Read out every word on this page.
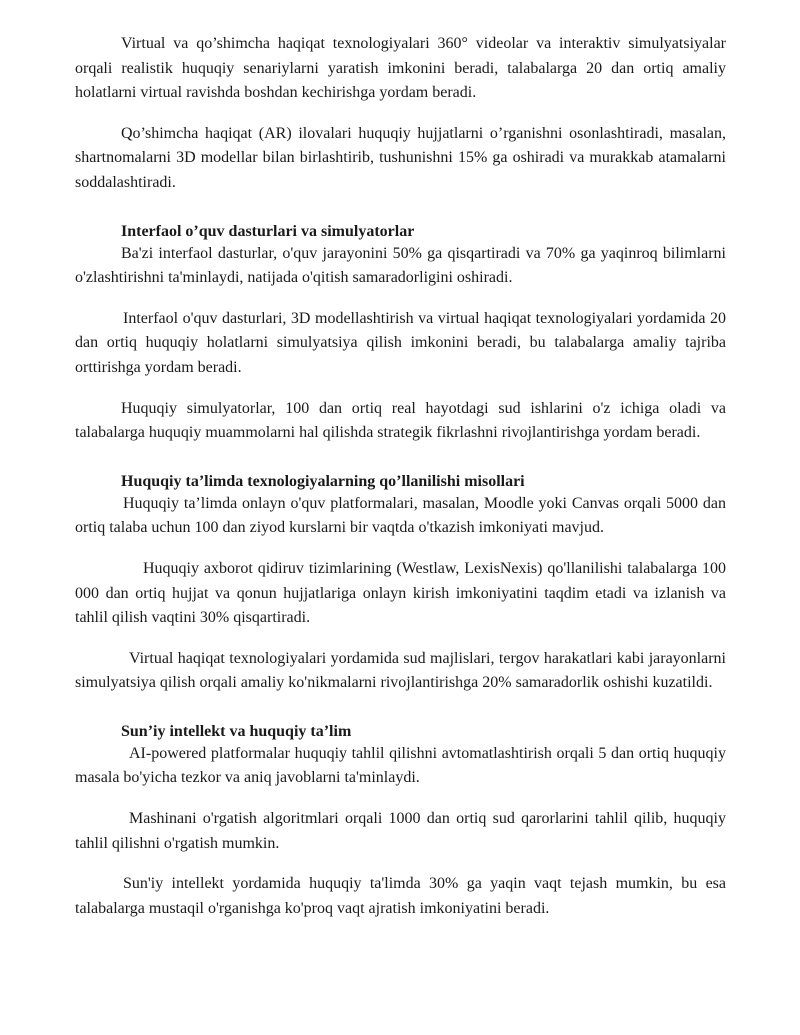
Virtual va qo’shimcha haqiqat texnologiyalari 360° videolar va interaktiv simulyatsiyalar orqali realistik huquqiy senariylarni yaratish imkonini beradi, talabalarga 20 dan ortiq amaliy holatlarni virtual ravishda boshdan kechirishga yordam beradi.

Qo’shimcha haqiqat (AR) ilovalari huquqiy hujjatlarni o’rganishni osonlashtiradi, masalan, shartnomalarni 3D modellar bilan birlashtirib, tushunishni 15% ga oshiradi va murakkab atamalarni soddalashtiradi.

Interfaol o’quv dasturlari va simulyatorlar

Ba'zi interfaol dasturlar, o'quv jarayonini 50% ga qisqartiradi va 70% ga yaqinroq bilimlarni o'zlashtirishni ta'minlaydi, natijada o'qitish samaradorligini oshiradi.

Interfaol o'quv dasturlari, 3D modellashtirish va virtual haqiqat texnologiyalari yordamida 20 dan ortiq huquqiy holatlarni simulyatsiya qilish imkonini beradi, bu talabalarga amaliy tajriba orttirishga yordam beradi.

Huquqiy simulyatorlar, 100 dan ortiq real hayotdagi sud ishlarini o'z ichiga oladi va talabalarga huquqiy muammolarni hal qilishda strategik fikrlashni rivojlantirishga yordam beradi.

Huquqiy ta’limda texnologiyalarning qo’llanilishi misollari

Huquqiy ta’limda onlayn o'quv platformalari, masalan, Moodle yoki Canvas orqali 5000 dan ortiq talaba uchun 100 dan ziyod kurslarni bir vaqtda o'tkazish imkoniyati mavjud.

Huquqiy axborot qidiruv tizimlarining (Westlaw, LexisNexis) qo'llanilishi talabalarga 100 000 dan ortiq hujjat va qonun hujjatlariga onlayn kirish imkoniyatini taqdim etadi va izlanish va tahlil qilish vaqtini 30% qisqartiradi.

Virtual haqiqat texnologiyalari yordamida sud majlislari, tergov harakatlari kabi jarayonlarni simulyatsiya qilish orqali amaliy ko'nikmalarni rivojlantirishga 20% samaradorlik oshishi kuzatildi.

Sun’iy intellekt va huquqiy ta’lim

AI-powered platformalar huquqiy tahlil qilishni avtomatlashtirish orqali 5 dan ortiq huquqiy masala bo'yicha tezkor va aniq javoblarni ta'minlaydi.

Mashinani o'rgatish algoritmlari orqali 1000 dan ortiq sud qarorlarini tahlil qilib, huquqiy tahlil qilishni o'rgatish mumkin.

Sun'iy intellekt yordamida huquqiy ta'limda 30% ga yaqin vaqt tejash mumkin, bu esa talabalarga mustaqil o'rganishga ko'proq vaqt ajratish imkoniyatini beradi.
